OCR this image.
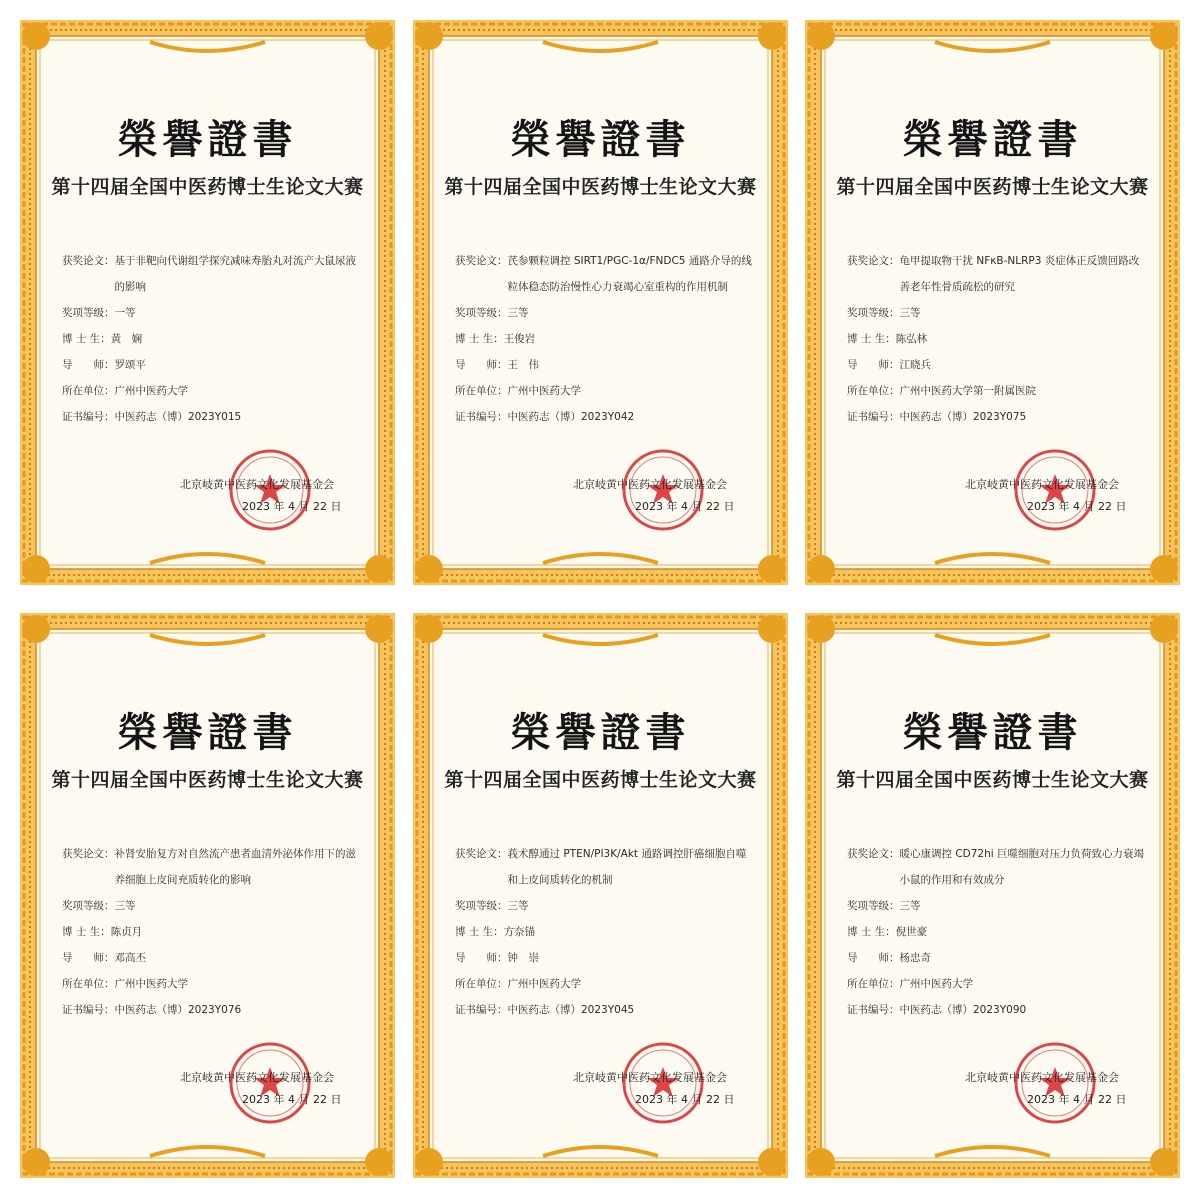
榮譽證書
第十四届全国中医药博士生论文大赛
获奖论文： 基于非靶向代谢组学探究减味寿胎丸对流产大鼠尿液的影响
奖项等级： 一等
博 士 生： 黄　娴
导　　师： 罗颂平
所在单位： 广州中医药大学
证书编号： 中医药志（博）2023Y015
北京岐黄中医药文化发展基金会
2023 年 4 月 22 日
榮譽證書
第十四届全国中医药博士生论文大赛
获奖论文： 芪参颗粒调控 SIRT1/PGC-1α/FNDC5 通路介导的线粒体稳态防治慢性心力衰竭心室重构的作用机制
奖项等级： 三等
博 士 生： 王俊岩
导　　师： 王　伟
所在单位： 广州中医药大学
证书编号： 中医药志（博）2023Y042
北京岐黄中医药文化发展基金会
2023 年 4 月 22 日
榮譽證書
第十四届全国中医药博士生论文大赛
获奖论文： 龟甲提取物干扰 NFκB-NLRP3 炎症体正反馈回路改善老年性骨质疏松的研究
奖项等级： 三等
博 士 生： 陈弘林
导　　师： 江晓兵
所在单位： 广州中医药大学第一附属医院
证书编号： 中医药志（博）2023Y075
北京岐黄中医药文化发展基金会
2023 年 4 月 22 日
榮譽證書
第十四届全国中医药博士生论文大赛
获奖论文： 补肾安胎复方对自然流产患者血清外泌体作用下的滋养细胞上皮间充质转化的影响
奖项等级： 三等
博 士 生： 陈贞月
导　　师： 邓高丕
所在单位： 广州中医药大学
证书编号： 中医药志（博）2023Y076
北京岐黄中医药文化发展基金会
2023 年 4 月 22 日
榮譽證書
第十四届全国中医药博士生论文大赛
获奖论文： 莪术醇通过 PTEN/PI3K/Akt 通路调控肝癌细胞自噬和上皮间质转化的机制
奖项等级： 三等
博 士 生： 方奈锚
导　　师： 钟　崇
所在单位： 广州中医药大学
证书编号： 中医药志（博）2023Y045
北京岐黄中医药文化发展基金会
2023 年 4 月 22 日
榮譽證書
第十四届全国中医药博士生论文大赛
获奖论文： 暖心康调控 CD72hi 巨噬细胞对压力负荷致心力衰竭小鼠的作用和有效成分
奖项等级： 三等
博 士 生： 倪世豪
导　　师： 杨忠奇
所在单位： 广州中医药大学
证书编号： 中医药志（博）2023Y090
北京岐黄中医药文化发展基金会
2023 年 4 月 22 日
